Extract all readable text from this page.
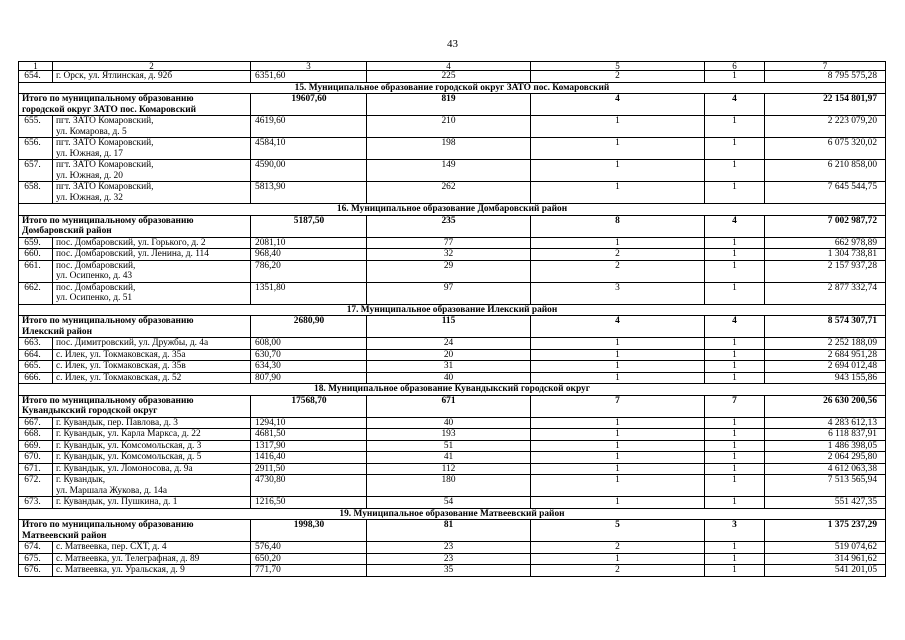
43
1	2	3	4	5	6	7
654.	г. Орск, ул. Ятлинская, д. 92б	6351,60	225	2	1	8 795 575,28
15. Муниципальное образование городской округ ЗАТО пос. Комаровский						

Итого по муниципальному образованию
городской округ ЗАТО пос. Комаровский		19607,60	819	4	4	22 154 801,97
655.	пгт. ЗАТО Комаровский,
ул. Комарова, д. 5	4619,60	210	1	1	2 223 079,20
656.	пгт. ЗАТО Комаровский,
ул. Южная, д. 17	4584,10	198	1	1	6 075 320,02
657.	пгт. ЗАТО Комаровский,
ул. Южная, д. 20	4590,00	149	1	1	6 210 858,00
658.	пгт. ЗАТО Комаровский,
ул. Южная, д. 32	5813,90	262	1	1	7 645 544,75
16. Муниципальное образование Домбаровский район						

Итого по муниципальному образованию
Домбаровский район		5187,50	235	8	4	7 002 987,72
659.	пос. Домбаровский, ул. Горького, д. 2	2081,10	77	1	1	662 978,89
660.	пос. Домбаровский, ул. Ленина, д. 114	968,40	32	2	1	1 304 738,81
661.	пос. Домбаровский,
ул. Осипенко, д. 43	786,20	29	2	1	2 157 937,28
662.	пос. Домбаровский,
ул. Осипенко, д. 51	1351,80	97	3	1	2 877 332,74
17. Муниципальное образование Илекский район						

Итого по муниципальному образованию
Илекский район		2680,90	115	4	4	8 574 307,71
663.	пос. Димитровский, ул. Дружбы, д. 4а	608,00	24	1	1	2 252 188,09
664.	с. Илек, ул. Токмаковская, д. 35а	630,70	20	1	1	2 684 951,28
665.	с. Илек, ул. Токмаковская, д. 35в	634,30	31	1	1	2 694 012,48
666.	с. Илек, ул. Токмаковская, д. 52	807,90	40	1	1	943 155,86
18. Муниципальное образование Кувандыкский городской округ						

Итого по муниципальному образованию
Кувандыкский городской округ		17568,70	671	7	7	26 630 200,56
667.	г. Кувандык, пер. Павлова, д. 3	1294,10	40	1	1	4 283 612,13
668.	г. Кувандык, ул. Карла Маркса, д. 22	4681,50	193	1	1	6 118 837,91
669.	г. Кувандык, ул. Комсомольская, д. 3	1317,90	51	1	1	1 486 398,05
670.	г. Кувандык, ул. Комсомольская, д. 5	1416,40	41	1	1	2 064 295,80
671.	г. Кувандык, ул. Ломоносова, д. 9а	2911,50	112	1	1	4 612 063,38
672.	г. Кувандык,
ул. Маршала Жукова, д. 14а	4730,80	180	1	1	7 513 565,94
673.	г. Кувандык, ул. Пушкина, д. 1	1216,50	54	1	1	551 427,35
19. Муниципальное образование Матвеевский район						

Итого по муниципальному образованию
Матвеевский район		1998,30	81	5	3	1 375 237,29
674.	с. Матвеевка, пер. СХТ, д. 4	576,40	23	2	1	519 074,62
675.	с. Матвеевка, ул. Телеграфная, д. 89	650,20	23	1	1	314 961,62
676.	с. Матвеевка, ул. Уральская, д. 9	771,70	35	2	1	541 201,05
